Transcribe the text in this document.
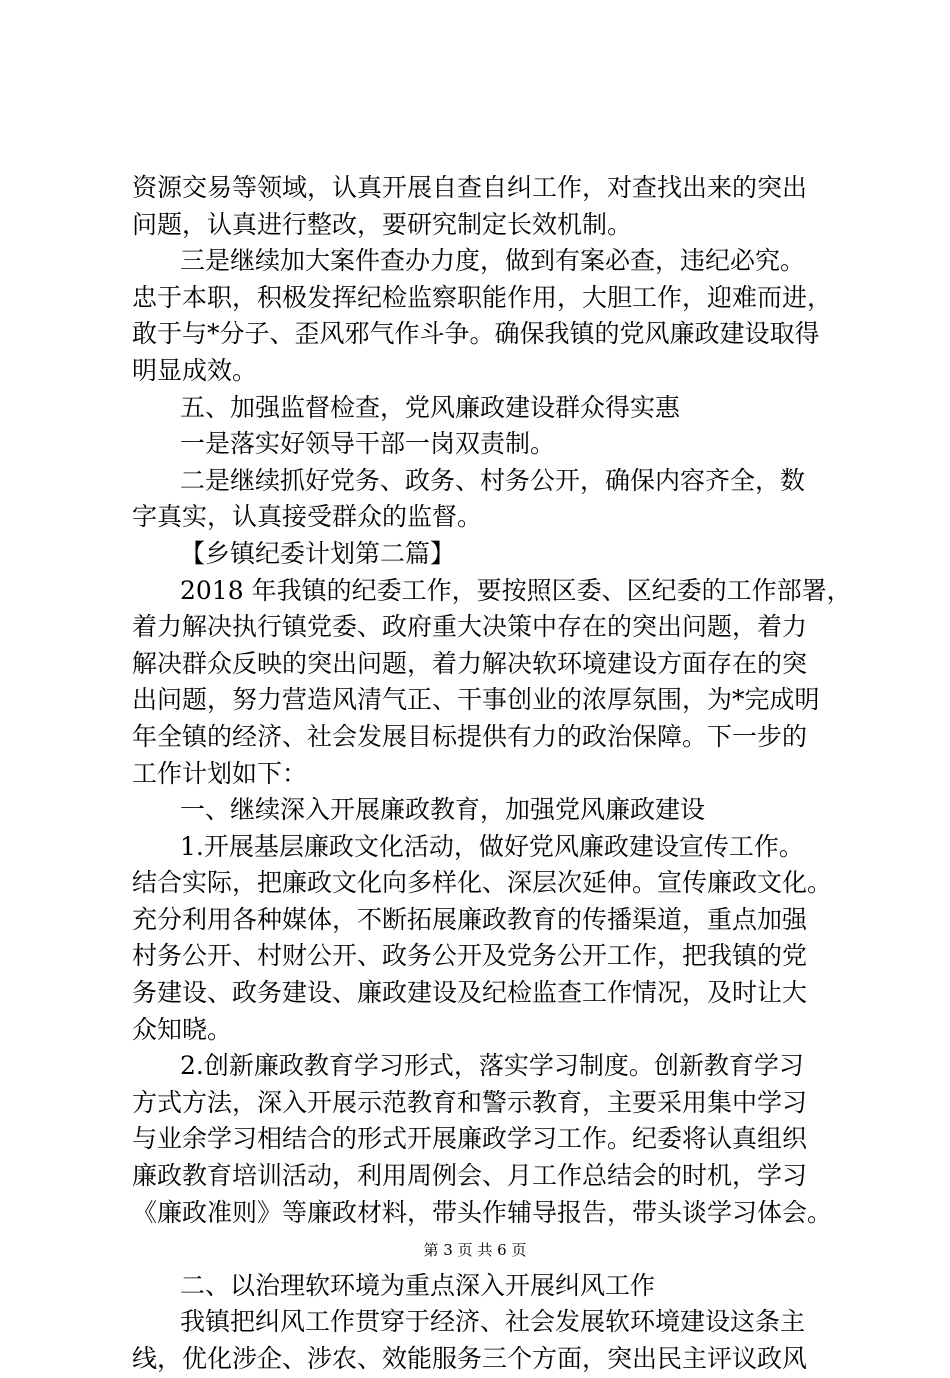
资源交易等领域，认真开展自查自纠工作，对查找出来的突出
问题，认真进行整改，要研究制定长效机制。
三是继续加大案件查办力度，做到有案必查，违纪必究。
忠于本职，积极发挥纪检监察职能作用，大胆工作，迎难而进，
敢于与*分子、歪风邪气作斗争。确保我镇的党风廉政建设取得
明显成效。
五、加强监督检查，党风廉政建设群众得实惠
一是落实好领导干部一岗双责制。
二是继续抓好党务、政务、村务公开，确保内容齐全，数
字真实，认真接受群众的监督。
【乡镇纪委计划第二篇】
2018 年我镇的纪委工作，要按照区委、区纪委的工作部署，
着力解决执行镇党委、政府重大决策中存在的突出问题，着力
解决群众反映的突出问题，着力解决软环境建设方面存在的突
出问题，努力营造风清气正、干事创业的浓厚氛围，为*完成明
年全镇的经济、社会发展目标提供有力的政治保障。下一步的
工作计划如下：
一、继续深入开展廉政教育，加强党风廉政建设
1.开展基层廉政文化活动，做好党风廉政建设宣传工作。
结合实际，把廉政文化向多样化、深层次延伸。宣传廉政文化。
充分利用各种媒体，不断拓展廉政教育的传播渠道，重点加强
村务公开、村财公开、政务公开及党务公开工作，把我镇的党
务建设、政务建设、廉政建设及纪检监查工作情况，及时让大
众知晓。
2.创新廉政教育学习形式，落实学习制度。创新教育学习
方式方法，深入开展示范教育和警示教育，主要采用集中学习
与业余学习相结合的形式开展廉政学习工作。纪委将认真组织
廉政教育培训活动，利用周例会、月工作总结会的时机，学习
《廉政准则》等廉政材料，带头作辅导报告，带头谈学习体会。
二、以治理软环境为重点深入开展纠风工作
我镇把纠风工作贯穿于经济、社会发展软环境建设这条主
线，优化涉企、涉农、效能服务三个方面，突出民主评议政风
第 3 页 共 6 页
